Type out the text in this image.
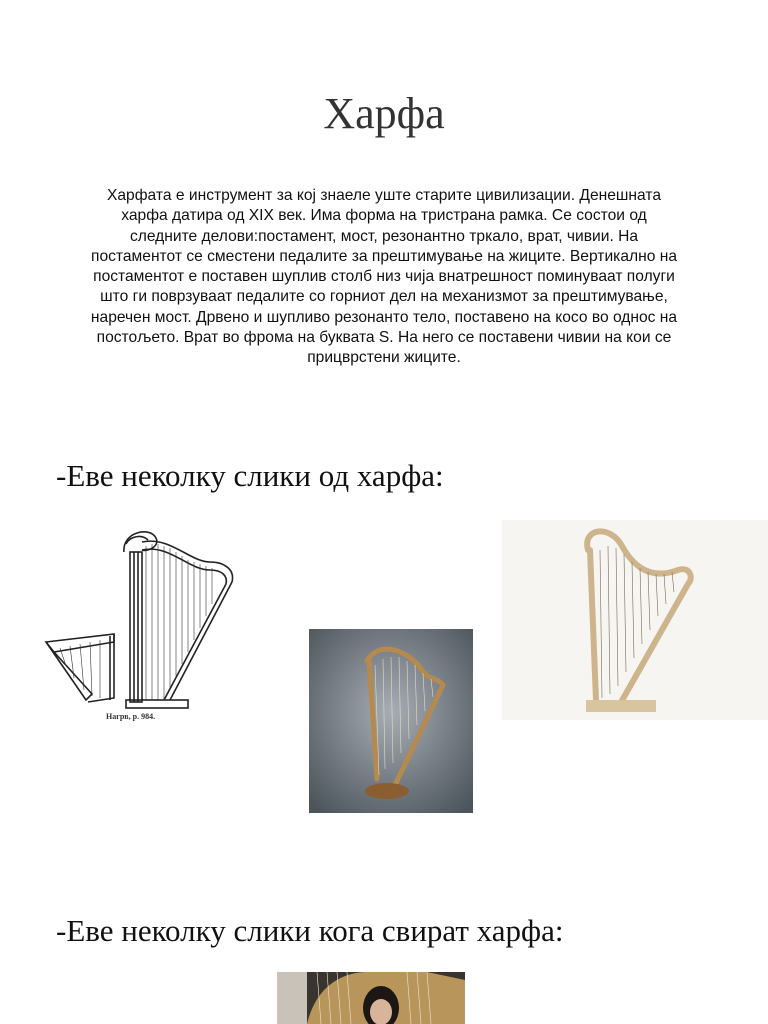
Харфа
Харфата е инструмент за кој знаеле уште старите цивилизации. Денешната харфа датира од XIX век. Има форма на тристрана рамка. Се состои од следните делови:постамент, мост, резонантно тркало, врат, чивии. На постаментот се сместени педалите за прештимување на жиците. Вертикално на постаментот е поставен шуплив столб низ чија внатрешност поминуваат полуги што ги поврзуваат педалите со горниот дел на механизмот за прештимување, наречен мост. Дрвено и шупливо резонанто тело, поставено на косо во однос на постољето. Врат во фрома на буквата S. На него се поставени чивии на кои се прицврстени жиците.
-Еве неколку слики од харфа:
Нагрв, р. 984.
-Еве неколку слики кога свират харфа:
